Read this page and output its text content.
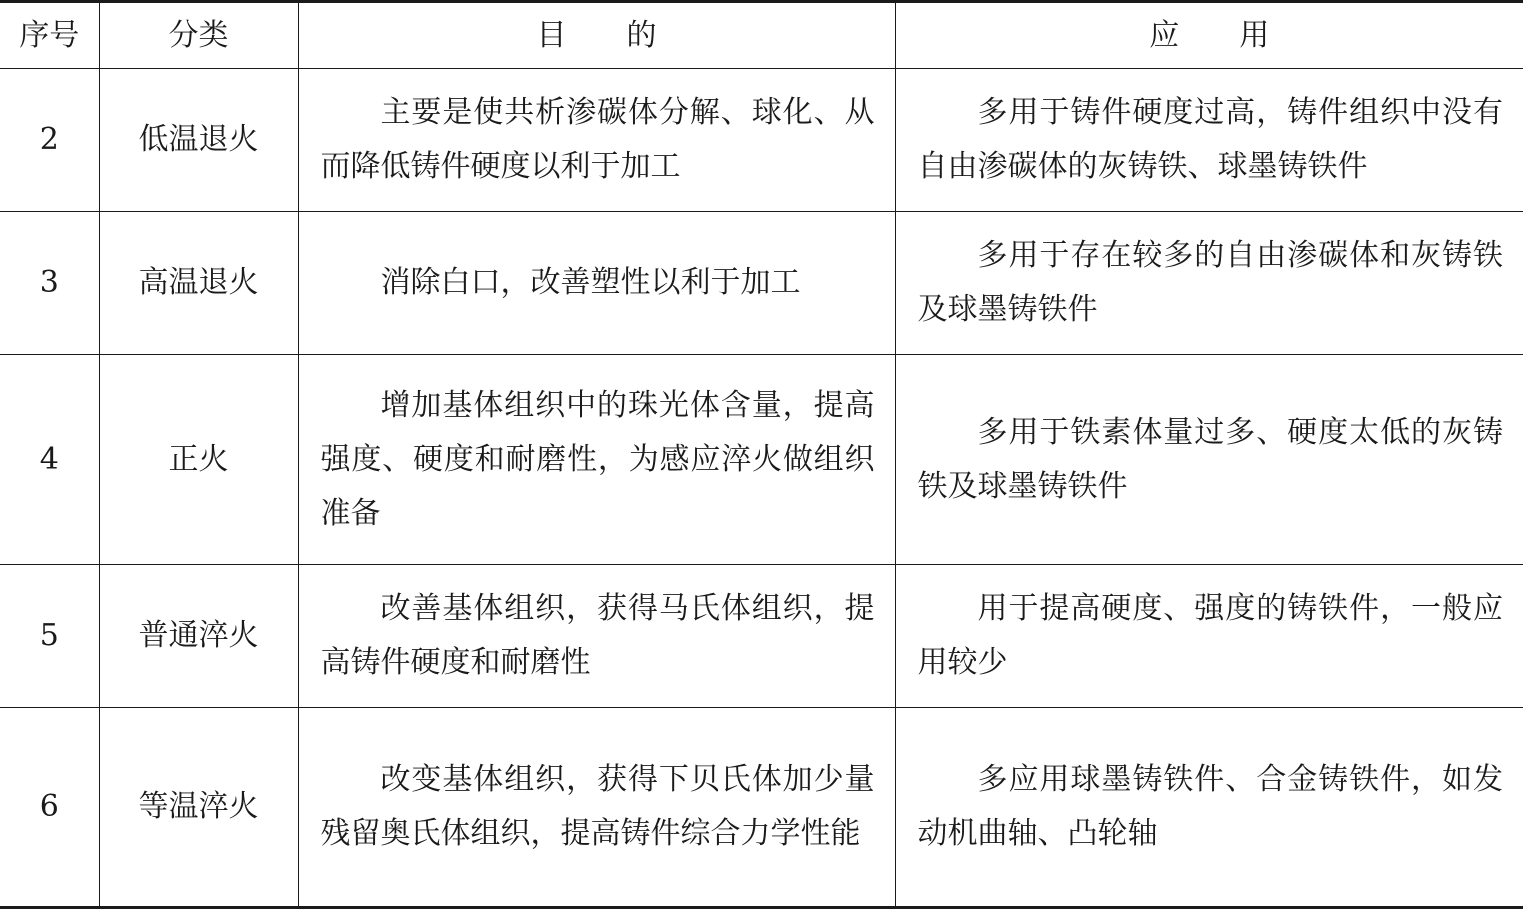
序号	分类	目的	应用
2	低温退火	主要是使共析渗碳体分解、球化、从而降低铸件硬度以利于加工	多用于铸件硬度过高，铸件组织中没有自由渗碳体的灰铸铁、球墨铸铁件
3	高温退火	消除白口，改善塑性以利于加工	多用于存在较多的自由渗碳体和灰铸铁及球墨铸铁件
4	正火	增加基体组织中的珠光体含量，提高强度、硬度和耐磨性，为感应淬火做组织准备	多用于铁素体量过多、硬度太低的灰铸铁及球墨铸铁件
5	普通淬火	改善基体组织，获得马氏体组织，提高铸件硬度和耐磨性	用于提高硬度、强度的铸铁件，一般应用较少
6	等温淬火	改变基体组织，获得下贝氏体加少量残留奥氏体组织，提高铸件综合力学性能	多应用球墨铸铁件、合金铸铁件，如发动机曲轴、凸轮轴
